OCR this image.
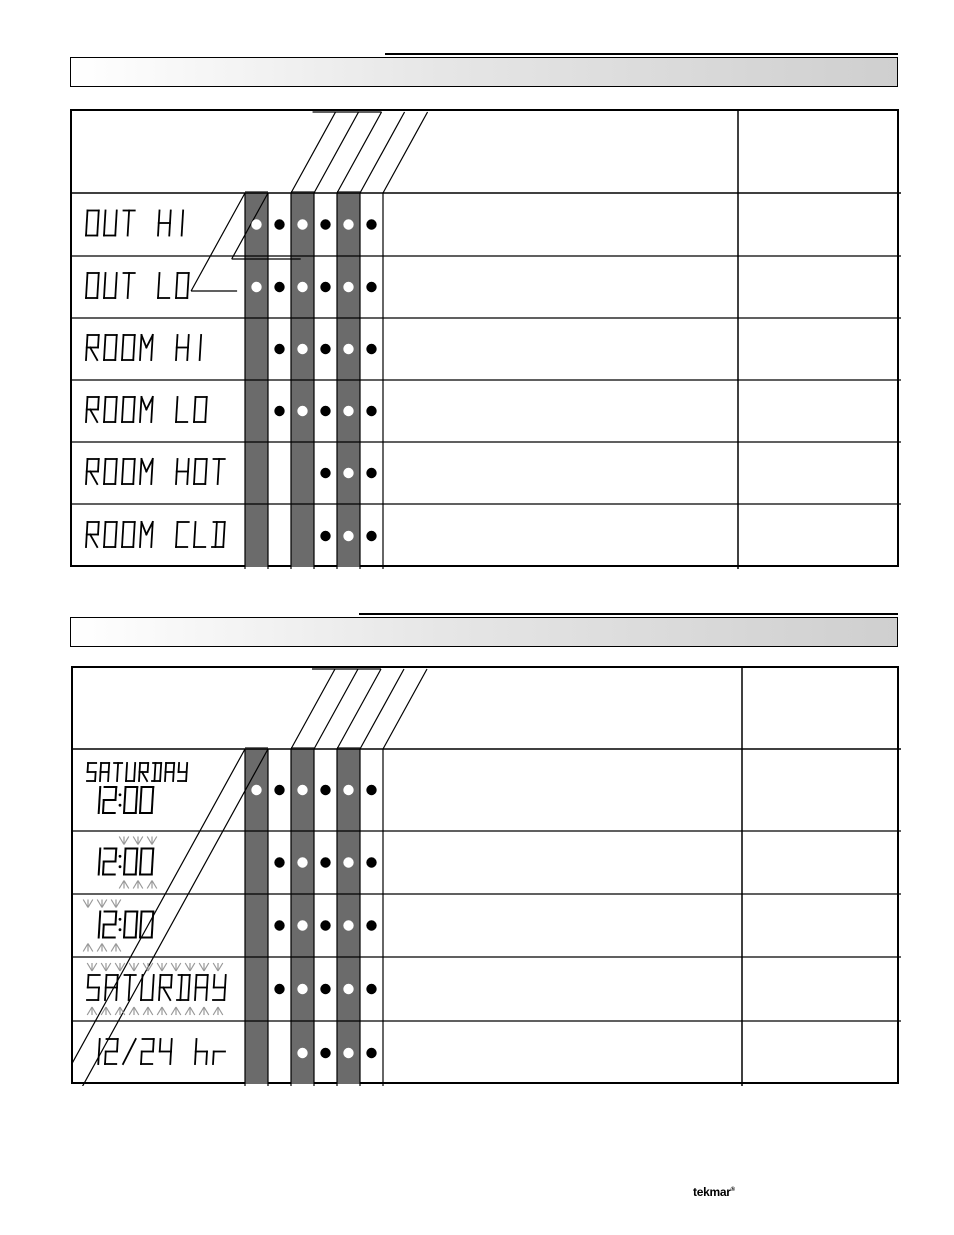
tekmar®
